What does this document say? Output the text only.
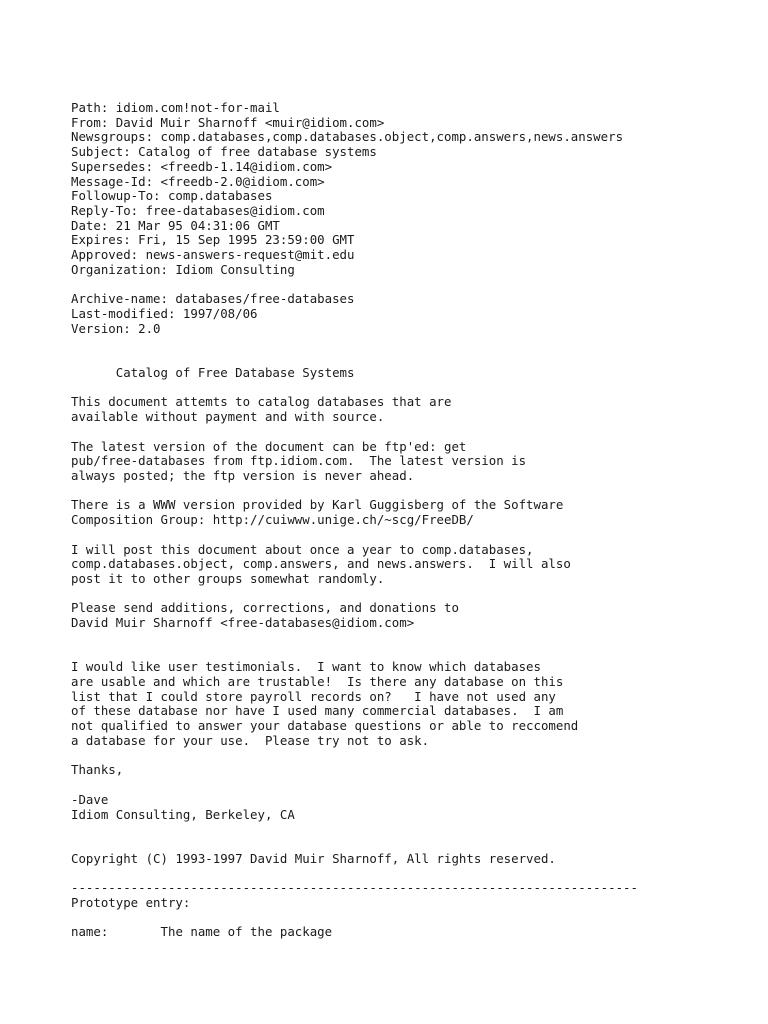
Path: idiom.com!not-for-mail
From: David Muir Sharnoff <muir@idiom.com>
Newsgroups: comp.databases,comp.databases.object,comp.answers,news.answers
Subject: Catalog of free database systems
Supersedes: <freedb-1.14@idiom.com>
Message-Id: <freedb-2.0@idiom.com>
Followup-To: comp.databases
Reply-To: free-databases@idiom.com
Date: 21 Mar 95 04:31:06 GMT
Expires: Fri, 15 Sep 1995 23:59:00 GMT
Approved: news-answers-request@mit.edu
Organization: Idiom Consulting

Archive-name: databases/free-databases
Last-modified: 1997/08/06
Version: 2.0

Catalog of Free Database Systems

This document attemts to catalog databases that are
available without payment and with source.

The latest version of the document can be ftp'ed: get
pub/free-databases from ftp.idiom.com.  The latest version is
always posted; the ftp version is never ahead.

There is a WWW version provided by Karl Guggisberg of the Software
Composition Group: http://cuiwww.unige.ch/~scg/FreeDB/

I will post this document about once a year to comp.databases,
comp.databases.object, comp.answers, and news.answers.  I will also
post it to other groups somewhat randomly.

Please send additions, corrections, and donations to
David Muir Sharnoff <free-databases@idiom.com>

I would like user testimonials.  I want to know which databases
are usable and which are trustable!  Is there any database on this
list that I could store payroll records on?   I have not used any
of these database nor have I used many commercial databases.  I am
not qualified to answer your database questions or able to reccomend
a database for your use.  Please try not to ask.

Thanks,

-Dave
Idiom Consulting, Berkeley, CA

Copyright (C) 1993-1997 David Muir Sharnoff, All rights reserved.

----------------------------------------------------------------------------
Prototype entry:

name:	The name of the package
